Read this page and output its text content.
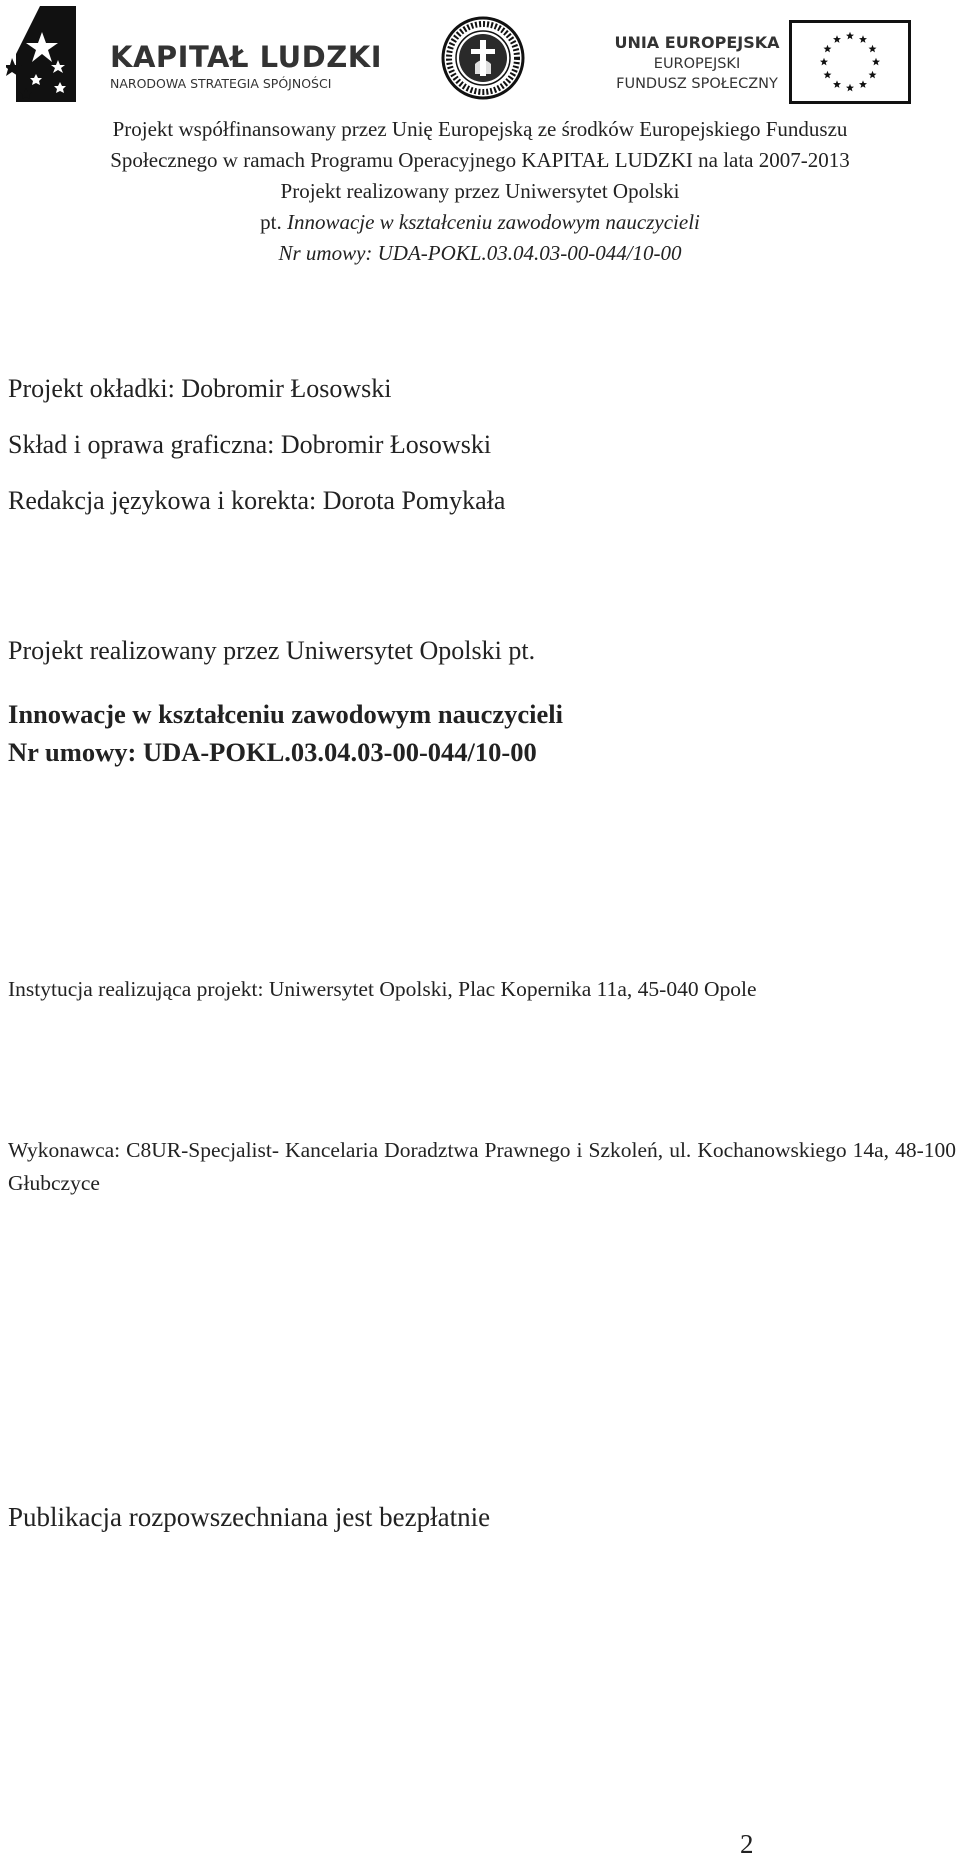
KAPITAŁ LUDZKI
NARODOWA STRATEGIA SPÓJNOŚCI
UNIA EUROPEJSKA
EUROPEJSKI
FUNDUSZ SPOŁECZNY
Projekt współfinansowany przez Unię Europejską ze środków Europejskiego Funduszu
Społecznego w ramach Programu Operacyjnego KAPITAŁ LUDZKI na lata 2007-2013
Projekt realizowany przez Uniwersytet Opolski
pt. Innowacje w kształceniu zawodowym nauczycieli
Nr umowy: UDA-POKL.03.04.03-00-044/10-00
Projekt okładki: Dobromir Łosowski
Skład i oprawa graficzna: Dobromir Łosowski
Redakcja językowa i korekta: Dorota Pomykała
Projekt realizowany przez Uniwersytet Opolski pt.
Innowacje w kształceniu zawodowym nauczycieli
Nr umowy: UDA-POKL.03.04.03-00-044/10-00
Instytucja realizująca projekt: Uniwersytet Opolski, Plac Kopernika 11a, 45-040 Opole
Wykonawca: C8UR-Specjalist- Kancelaria Doradztwa Prawnego i Szkoleń, ul. Kochanowskiego 14a, 48-100 Głubczyce
Publikacja rozpowszechniana jest bezpłatnie
2
